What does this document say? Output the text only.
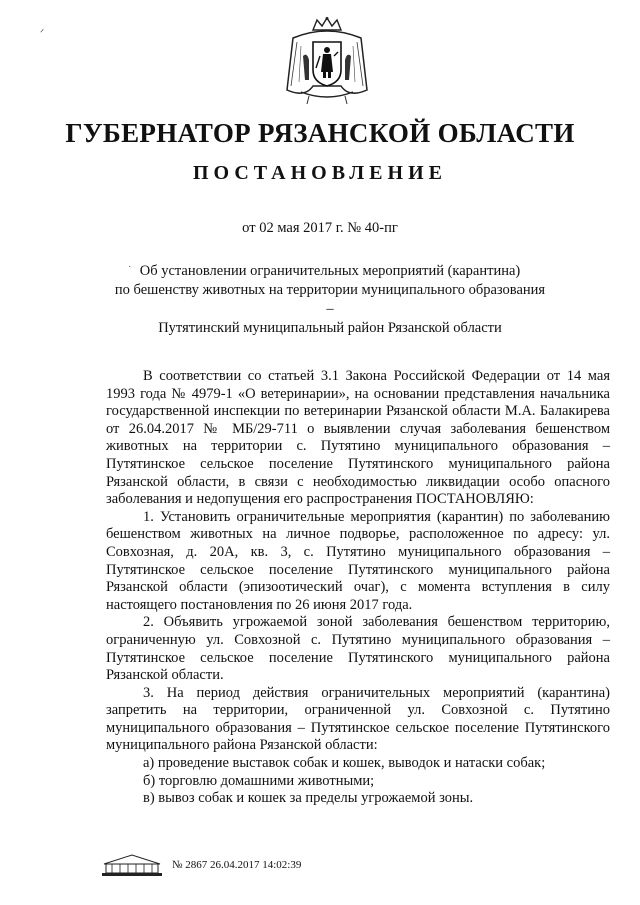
ГУБЕРНАТОР РЯЗАНСКОЙ ОБЛАСТИ
ПОСТАНОВЛЕНИЕ
от 02 мая 2017 г. № 40-пг
Об установлении ограничительных мероприятий (карантина)
по бешенству животных на территории муниципального образования –
Путятинский муниципальный район Рязанской области

В соответствии со статьей 3.1 Закона Российской Федерации от 14 мая 1993 года № 4979-1 «О ветеринарии», на основании представления начальника государственной инспекции по ветеринарии Рязанской области М.А. Балакирева от 26.04.2017 № МБ/29-711 о выявлении случая заболевания бешенством животных на территории с. Путятино муниципального образования – Путятинское сельское поселение Путятинского муниципального района Рязанской области, в связи с необходимостью ликвидации особо опасного заболевания и недопущения его распространения ПОСТАНОВЛЯЮ:

1. Установить ограничительные мероприятия (карантин) по заболеванию бешенством животных на личное подворье, расположенное по адресу: ул. Совхозная, д. 20А, кв. 3, с. Путятино муниципального образования – Путятинское сельское поселение Путятинского муниципального района Рязанской области (эпизоотический очаг), с момента вступления в силу настоящего постановления по 26 июня 2017 года.

2. Объявить угрожаемой зоной заболевания бешенством территорию, ограниченную ул. Совхозной с. Путятино муниципального образования – Путятинское сельское поселение Путятинского муниципального района Рязанской области.

3. На период действия ограничительных мероприятий (карантина) запретить на территории, ограниченной ул. Совхозной с. Путятино муниципального образования – Путятинское сельское поселение Путятинского муниципального района Рязанской области:

а) проведение выставок собак и кошек, выводок и натаски собак;

б) торговлю домашними животными;

в) вывоз собак и кошек за пределы угрожаемой зоны.

№ 2867 26.04.2017 14:02:39
ᐟ
˙
